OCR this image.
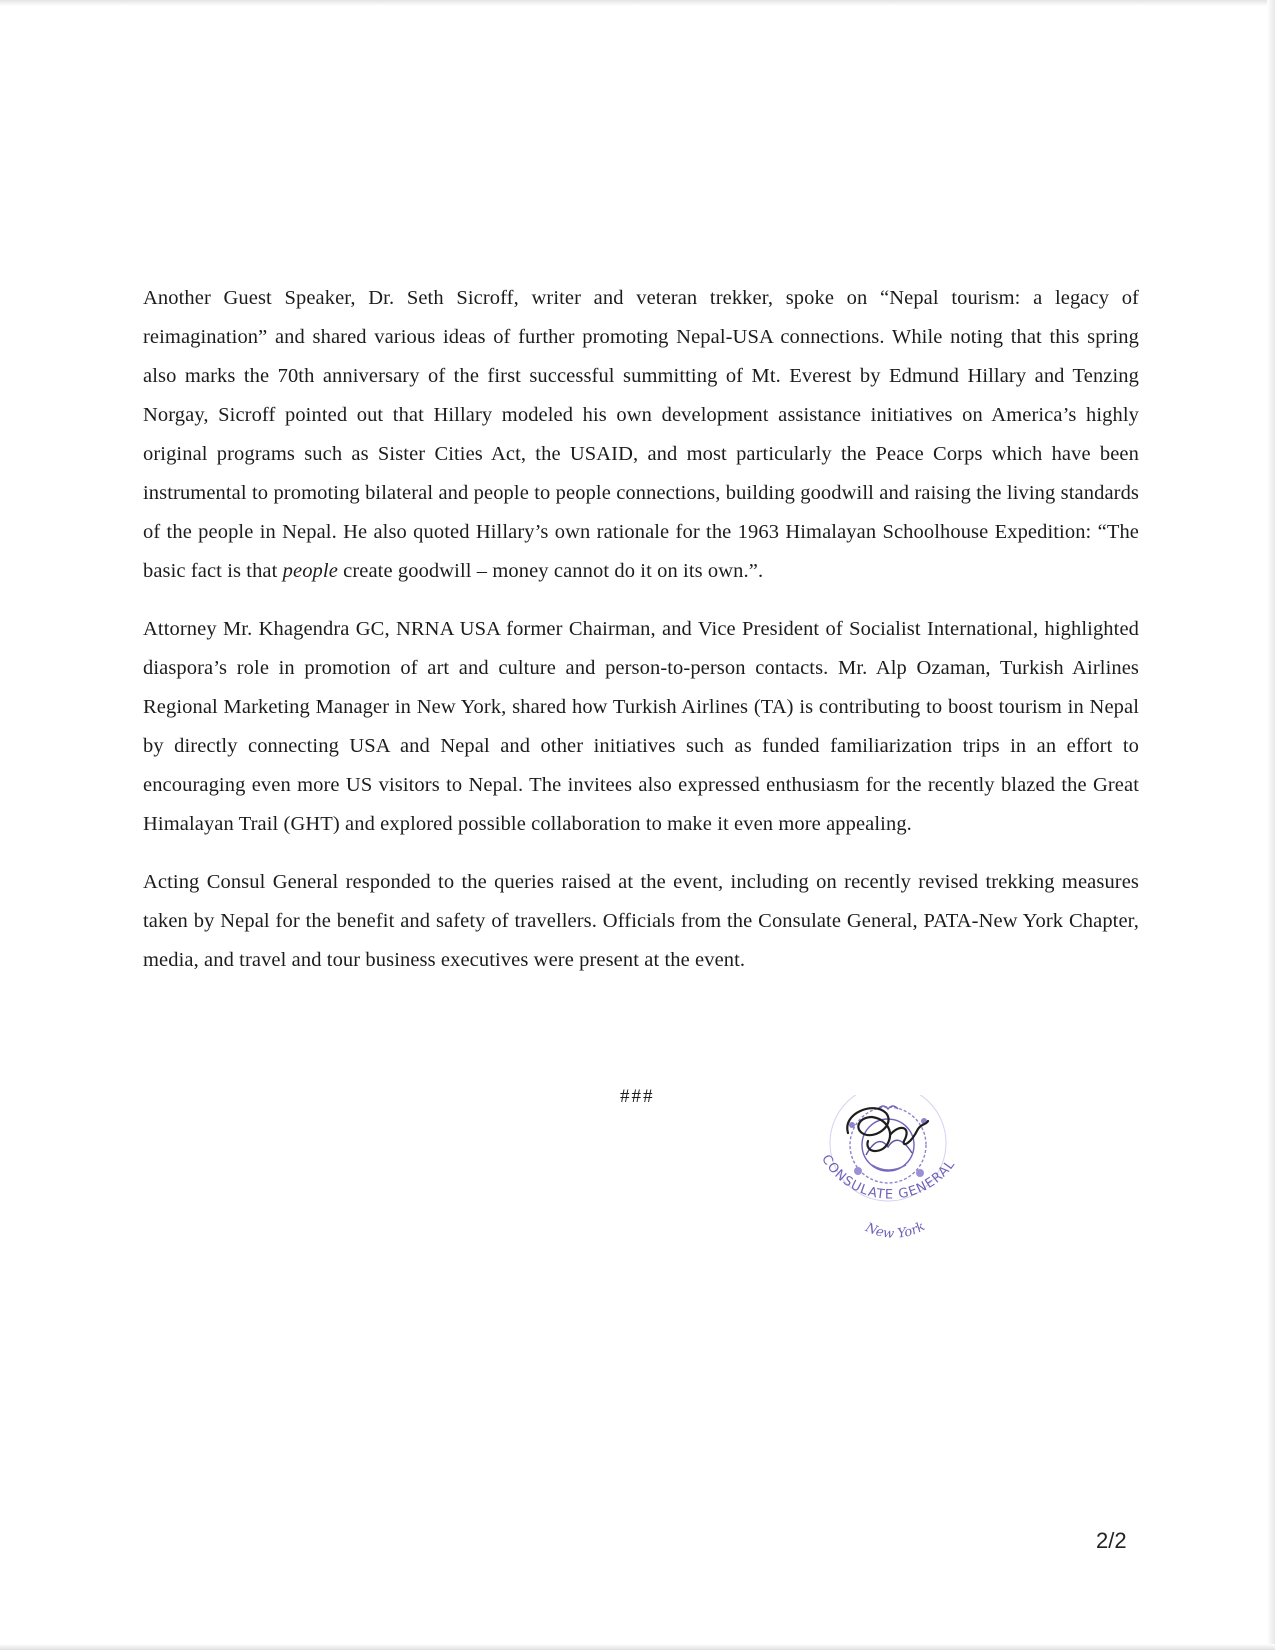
Another Guest Speaker, Dr. Seth Sicroff, writer and veteran trekker, spoke on “Nepal tourism: a legacy of reimagination” and shared various ideas of further promoting Nepal-USA connections. While noting that this spring also marks the 70th anniversary of the first successful summitting of Mt. Everest by Edmund Hillary and Tenzing Norgay, Sicroff pointed out that Hillary modeled his own development assistance initiatives on America’s highly original programs such as Sister Cities Act, the USAID, and most particularly the Peace Corps which have been instrumental to promoting bilateral and people to people connections, building goodwill and raising the living standards of the people in Nepal. He also quoted Hillary’s own rationale for the 1963 Himalayan Schoolhouse Expedition: “The basic fact is that people create goodwill – money cannot do it on its own.”.

Attorney Mr. Khagendra GC, NRNA USA former Chairman, and Vice President of Socialist International, highlighted diaspora’s role in promotion of art and culture and person-to-person contacts. Mr. Alp Ozaman, Turkish Airlines Regional Marketing Manager in New York, shared how Turkish Airlines (TA) is contributing to boost tourism in Nepal by directly connecting USA and Nepal and other initiatives such as funded familiarization trips in an effort to encouraging even more US visitors to Nepal. The invitees also expressed enthusiasm for the recently blazed the Great Himalayan Trail (GHT) and explored possible collaboration to make it even more appealing.

Acting Consul General responded to the queries raised at the event, including on recently revised trekking measures taken by Nepal for the benefit and safety of travellers. Officials from the Consulate General, PATA-New York Chapter, media, and travel and tour business executives were present at the event.

###
CONSULATE GENERAL
New York
2/2
